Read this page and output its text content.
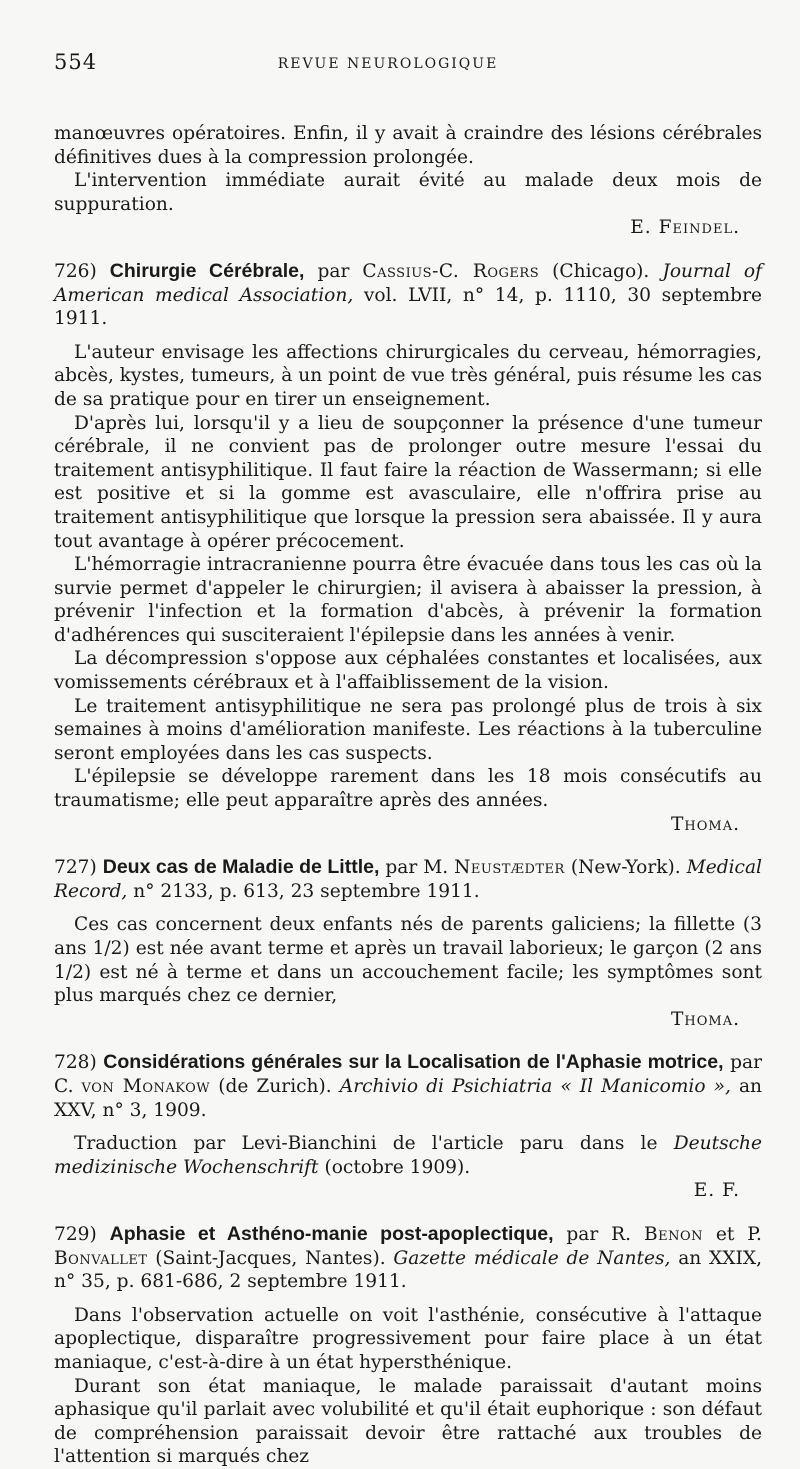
554	REVUE NEUROLOGIQUE

manœuvres opératoires. Enfin, il y avait à craindre des lésions cérébrales définitives dues à la compression prolongée.

L'intervention immédiate aurait évité au malade deux mois de suppuration.

E. Feindel.

726) Chirurgie Cérébrale, par Cassius-C. Rogers (Chicago). Journal of American medical Association, vol. LVII, n° 14, p. 1110, 30 septembre 1911.

L'auteur envisage les affections chirurgicales du cerveau, hémorragies, abcès, kystes, tumeurs, à un point de vue très général, puis résume les cas de sa pratique pour en tirer un enseignement.

D'après lui, lorsqu'il y a lieu de soupçonner la présence d'une tumeur cérébrale, il ne convient pas de prolonger outre mesure l'essai du traitement antisyphilitique. Il faut faire la réaction de Wassermann; si elle est positive et si la gomme est avasculaire, elle n'offrira prise au traitement antisyphilitique que lorsque la pression sera abaissée. Il y aura tout avantage à opérer précocement.

L'hémorragie intracranienne pourra être évacuée dans tous les cas où la survie permet d'appeler le chirurgien; il avisera à abaisser la pression, à prévenir l'infection et la formation d'abcès, à prévenir la formation d'adhérences qui susciteraient l'épilepsie dans les années à venir.

La décompression s'oppose aux céphalées constantes et localisées, aux vomissements cérébraux et à l'affaiblissement de la vision.

Le traitement antisyphilitique ne sera pas prolongé plus de trois à six semaines à moins d'amélioration manifeste. Les réactions à la tuberculine seront employées dans les cas suspects.

L'épilepsie se développe rarement dans les 18 mois consécutifs au traumatisme; elle peut apparaître après des années.

Thoma.

727) Deux cas de Maladie de Little, par M. Neustædter (New-York). Medical Record, n° 2133, p. 613, 23 septembre 1911.

Ces cas concernent deux enfants nés de parents galiciens; la fillette (3 ans 1/2) est née avant terme et après un travail laborieux; le garçon (2 ans 1/2) est né à terme et dans un accouchement facile; les symptômes sont plus marqués chez ce dernier,

Thoma.

728) Considérations générales sur la Localisation de l'Aphasie motrice, par C. von Monakow (de Zurich). Archivio di Psichiatria « Il Manicomio », an XXV, n° 3, 1909.

Traduction par Levi-Bianchini de l'article paru dans le Deutsche medizinische Wochenschrift (octobre 1909).

E. F.

729) Aphasie et Asthéno-manie post-apoplectique, par R. Benon et P. Bonvallet (Saint-Jacques, Nantes). Gazette médicale de Nantes, an XXIX, n° 35, p. 681-686, 2 septembre 1911.

Dans l'observation actuelle on voit l'asthénie, consécutive à l'attaque apoplectique, disparaître progressivement pour faire place à un état maniaque, c'est-à-dire à un état hypersthénique.

Durant son état maniaque, le malade paraissait d'autant moins aphasique qu'il parlait avec volubilité et qu'il était euphorique : son défaut de compréhension paraissait devoir être rattaché aux troubles de l'attention si marqués chez
